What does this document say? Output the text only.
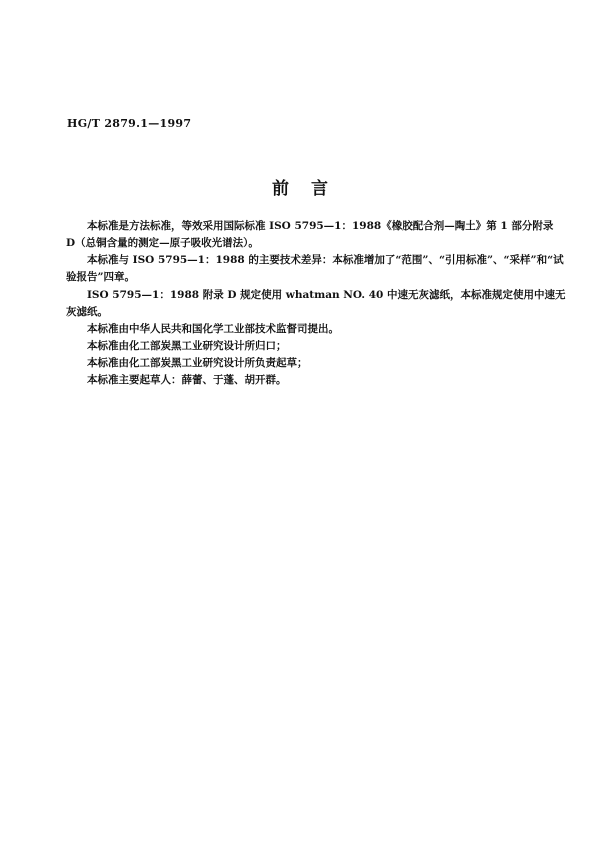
HG/T 2879.1—1997
前言
本标准是方法标准，等效采用国际标准 ISO 5795—1：1988《橡胶配合剂—陶土》第 1 部分附录
D（总铜含量的测定—原子吸收光谱法）。
本标准与 ISO 5795—1：1988 的主要技术差异：本标准增加了“范围”、“引用标准”、“采样”和“试
验报告”四章。
ISO 5795—1：1988 附录 D 规定使用 whatman NO. 40 中速无灰滤纸，本标准规定使用中速无
灰滤纸。
本标准由中华人民共和国化学工业部技术监督司提出。
本标准由化工部炭黑工业研究设计所归口；
本标准由化工部炭黑工业研究设计所负责起草；
本标准主要起草人：薛蕾、于蓬、胡开群。
